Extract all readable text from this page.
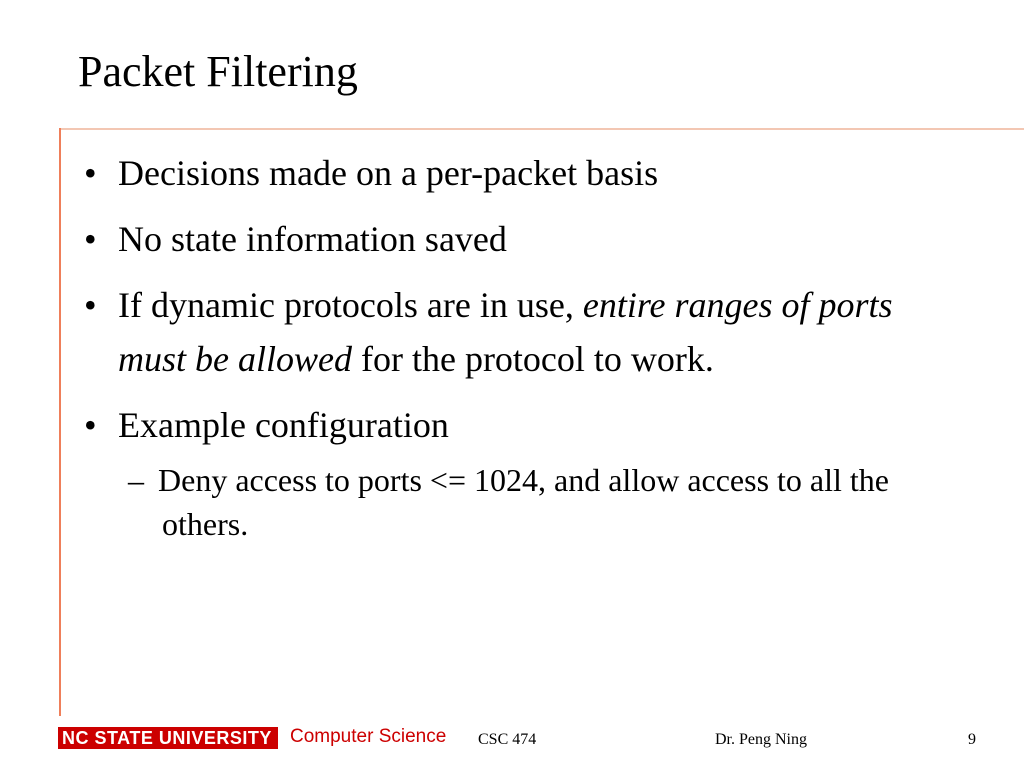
Packet Filtering
• Decisions made on a per-packet basis
• No state information saved
• If dynamic protocols are in use, entire ranges of ports must be allowed for the protocol to work.
• Example configuration
– Deny access to ports <= 1024, and allow access to all the others.
NC STATE UNIVERSITY Computer Science CSC 474	Dr. Peng Ning	9
